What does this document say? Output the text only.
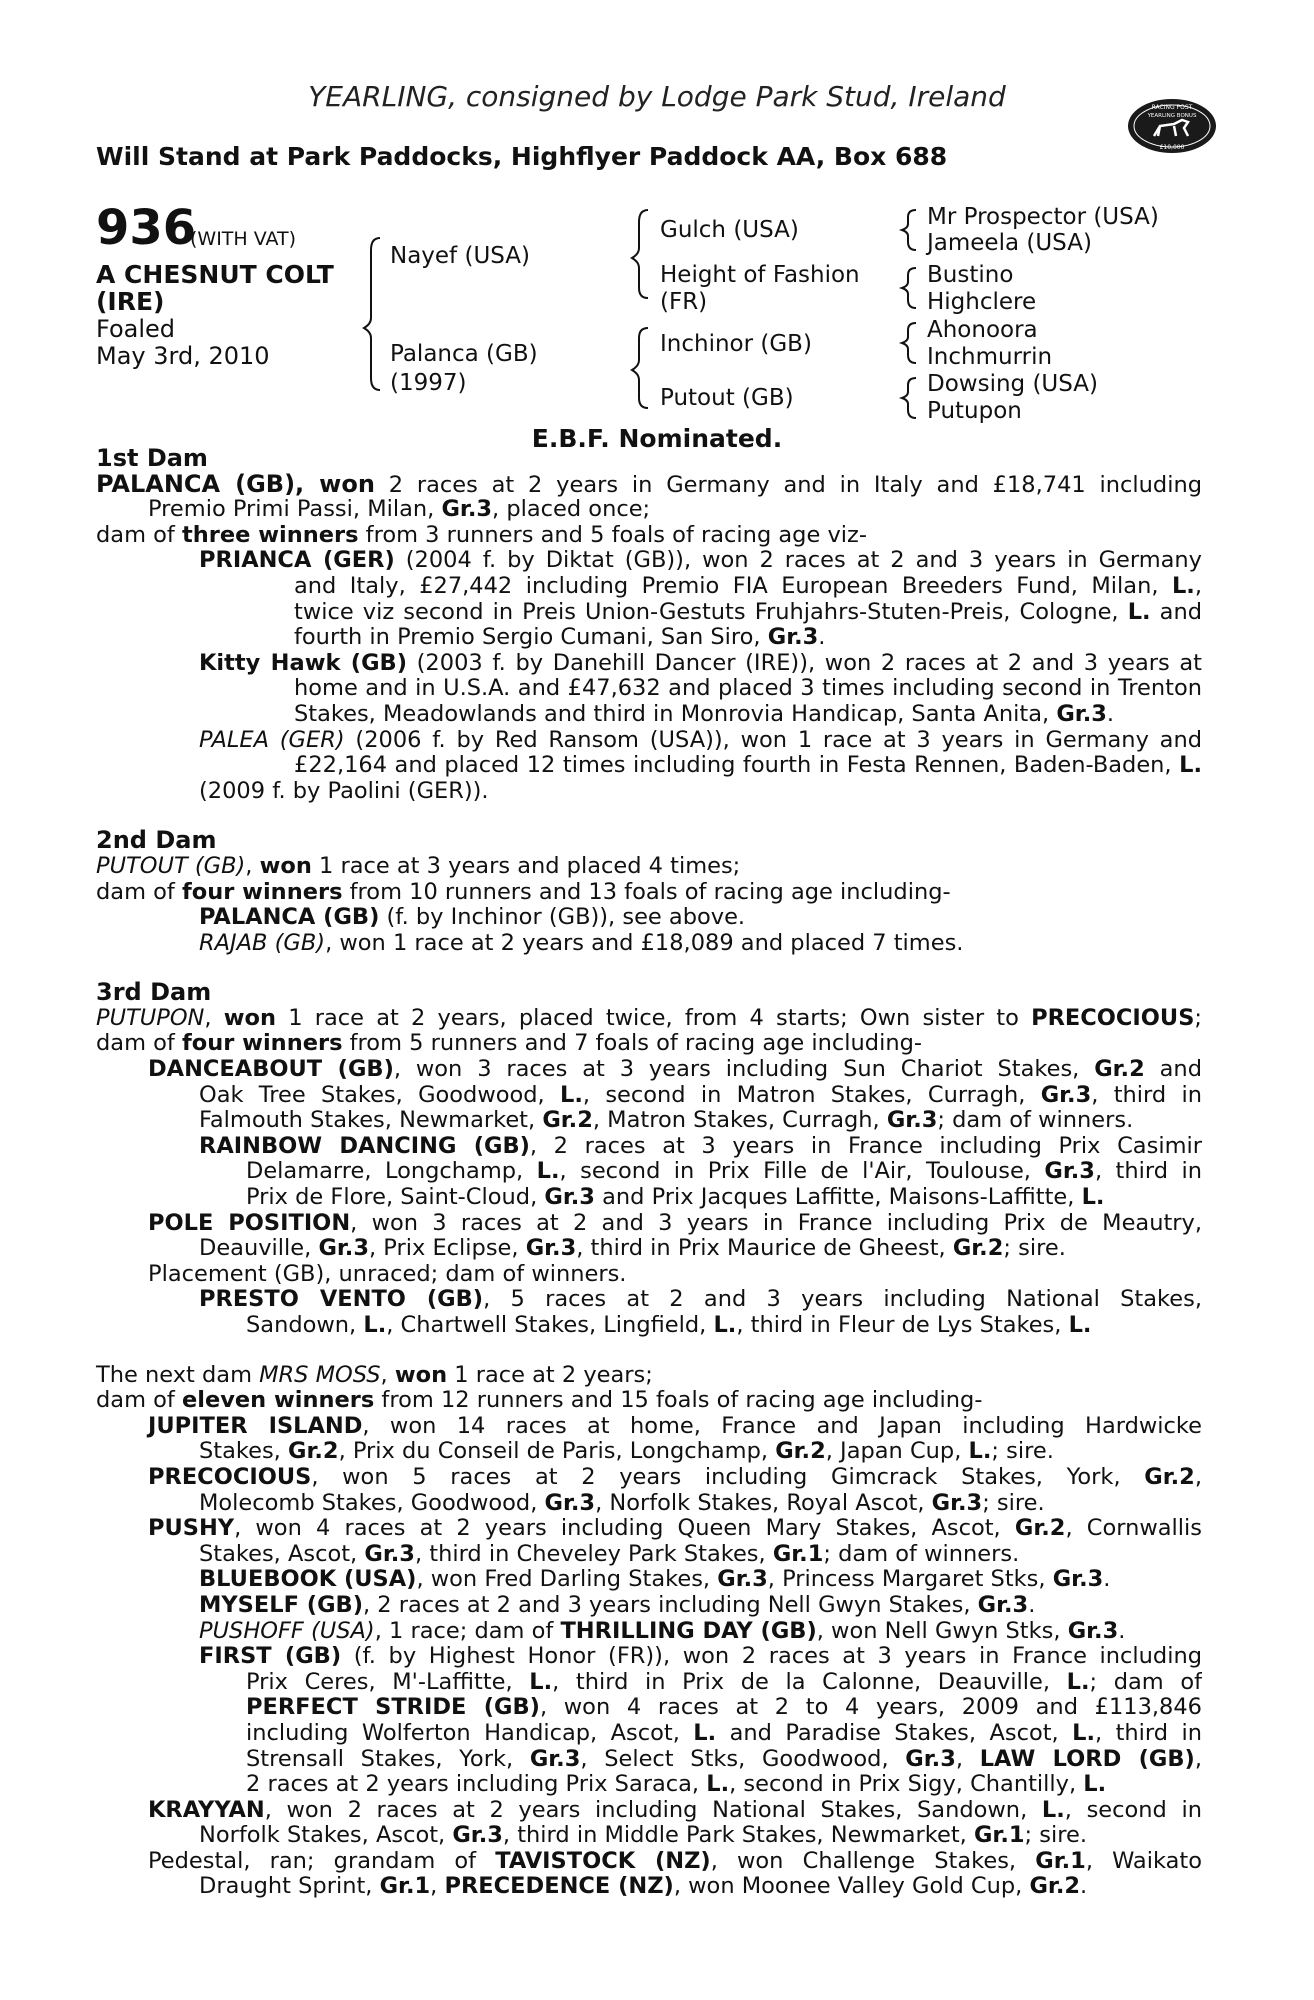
YEARLING, consigned by Lodge Park Stud, Ireland
Will Stand at Park Paddocks, Highflyer Paddock AA, Box 688
RACING POST
YEARLING BONUS
£10,000
936
(WITH VAT)
A CHESNUT COLT
(IRE)
Foaled
May 3rd, 2010
Nayef (USA)
Palanca (GB)
(1997)
Gulch (USA)
Height of Fashion
(FR)
Inchinor (GB)
Putout (GB)
Mr Prospector (USA)
Jameela (USA)
Bustino
Highclere
Ahonoora
Inchmurrin
Dowsing (USA)
Putupon
E.B.F. Nominated.
1st Dam
PALANCA (GB), won 2 races at 2 years in Germany and in Italy and £18,741 including
Premio Primi Passi, Milan, Gr.3, placed once;
dam of three winners from 3 runners and 5 foals of racing age viz-
PRIANCA (GER) (2004 f. by Diktat (GB)), won 2 races at 2 and 3 years in Germany
and Italy, £27,442 including Premio FIA European Breeders Fund, Milan, L.,
twice viz second in Preis Union-Gestuts Fruhjahrs-Stuten-Preis, Cologne, L. and
fourth in Premio Sergio Cumani, San Siro, Gr.3.
Kitty Hawk (GB) (2003 f. by Danehill Dancer (IRE)), won 2 races at 2 and 3 years at
home and in U.S.A. and £47,632 and placed 3 times including second in Trenton
Stakes, Meadowlands and third in Monrovia Handicap, Santa Anita, Gr.3.
PALEA (GER) (2006 f. by Red Ransom (USA)), won 1 race at 3 years in Germany and
£22,164 and placed 12 times including fourth in Festa Rennen, Baden-Baden, L.
(2009 f. by Paolini (GER)).
2nd Dam
PUTOUT (GB), won 1 race at 3 years and placed 4 times;
dam of four winners from 10 runners and 13 foals of racing age including-
PALANCA (GB) (f. by Inchinor (GB)), see above.
RAJAB (GB), won 1 race at 2 years and £18,089 and placed 7 times.
3rd Dam
PUTUPON, won 1 race at 2 years, placed twice, from 4 starts; Own sister to PRECOCIOUS;
dam of four winners from 5 runners and 7 foals of racing age including-
DANCEABOUT (GB), won 3 races at 3 years including Sun Chariot Stakes, Gr.2 and
Oak Tree Stakes, Goodwood, L., second in Matron Stakes, Curragh, Gr.3, third in
Falmouth Stakes, Newmarket, Gr.2, Matron Stakes, Curragh, Gr.3; dam of winners.
RAINBOW DANCING (GB), 2 races at 3 years in France including Prix Casimir
Delamarre, Longchamp, L., second in Prix Fille de l'Air, Toulouse, Gr.3, third in
Prix de Flore, Saint-Cloud, Gr.3 and Prix Jacques Laffitte, Maisons-Laffitte, L.
POLE POSITION, won 3 races at 2 and 3 years in France including Prix de Meautry,
Deauville, Gr.3, Prix Eclipse, Gr.3, third in Prix Maurice de Gheest, Gr.2; sire.
Placement (GB), unraced; dam of winners.
PRESTO VENTO (GB), 5 races at 2 and 3 years including National Stakes,
Sandown, L., Chartwell Stakes, Lingfield, L., third in Fleur de Lys Stakes, L.
The next dam MRS MOSS, won 1 race at 2 years;
dam of eleven winners from 12 runners and 15 foals of racing age including-
JUPITER ISLAND, won 14 races at home, France and Japan including Hardwicke
Stakes, Gr.2, Prix du Conseil de Paris, Longchamp, Gr.2, Japan Cup, L.; sire.
PRECOCIOUS, won 5 races at 2 years including Gimcrack Stakes, York, Gr.2,
Molecomb Stakes, Goodwood, Gr.3, Norfolk Stakes, Royal Ascot, Gr.3; sire.
PUSHY, won 4 races at 2 years including Queen Mary Stakes, Ascot, Gr.2, Cornwallis
Stakes, Ascot, Gr.3, third in Cheveley Park Stakes, Gr.1; dam of winners.
BLUEBOOK (USA), won Fred Darling Stakes, Gr.3, Princess Margaret Stks, Gr.3.
MYSELF (GB), 2 races at 2 and 3 years including Nell Gwyn Stakes, Gr.3.
PUSHOFF (USA), 1 race; dam of THRILLING DAY (GB), won Nell Gwyn Stks, Gr.3.
FIRST (GB) (f. by Highest Honor (FR)), won 2 races at 3 years in France including
Prix Ceres, M'-Laffitte, L., third in Prix de la Calonne, Deauville, L.; dam of
PERFECT STRIDE (GB), won 4 races at 2 to 4 years, 2009 and £113,846
including Wolferton Handicap, Ascot, L. and Paradise Stakes, Ascot, L., third in
Strensall Stakes, York, Gr.3, Select Stks, Goodwood, Gr.3, LAW LORD (GB),
2 races at 2 years including Prix Saraca, L., second in Prix Sigy, Chantilly, L.
KRAYYAN, won 2 races at 2 years including National Stakes, Sandown, L., second in
Norfolk Stakes, Ascot, Gr.3, third in Middle Park Stakes, Newmarket, Gr.1; sire.
Pedestal, ran; grandam of TAVISTOCK (NZ), won Challenge Stakes, Gr.1, Waikato
Draught Sprint, Gr.1, PRECEDENCE (NZ), won Moonee Valley Gold Cup, Gr.2.
